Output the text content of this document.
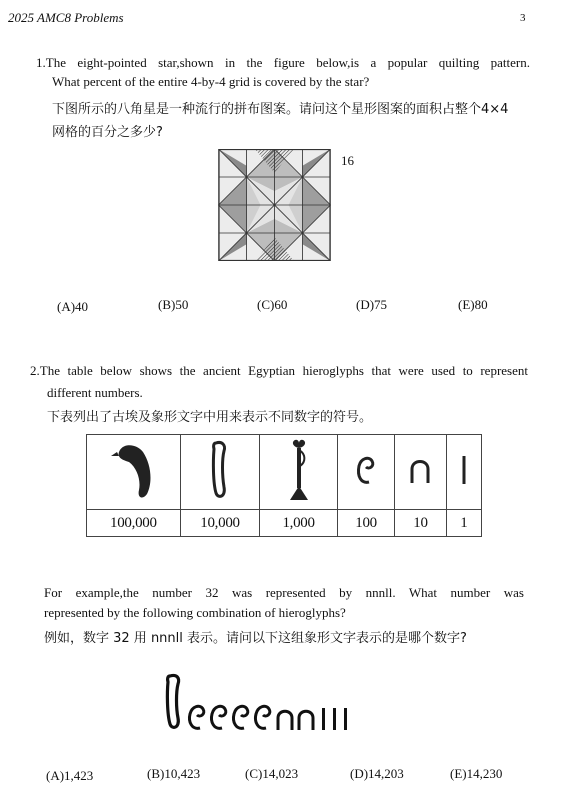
2025 AMC8 Problems	3
1.The eight-pointed star,shown in the figure below,is a popular quilting pattern.
What percent of the entire 4-by-4 grid is covered by the star?
下图所示的八角星是一种流行的拼布图案。请问这个星形图案的面积占整个4×4
网格的百分之多少?
16
(A)40	(B)50	(C)60	(D)75	(E)80
2.The table below shows the ancient Egyptian hieroglyphs that were used to represent
different numbers.
下表列出了古埃及象形文字中用来表示不同数字的符号。

100,000	10,000	1,000	100	10	1
For example,the number 32 was represented by nnnll. What number was
represented by the following combination of hieroglyphs?
例如，数字 32 用 nnnll 表示。请问以下这组象形文字表示的是哪个数字?
(A)1,423	(B)10,423	(C)14,023	(D)14,203	(E)14,230
